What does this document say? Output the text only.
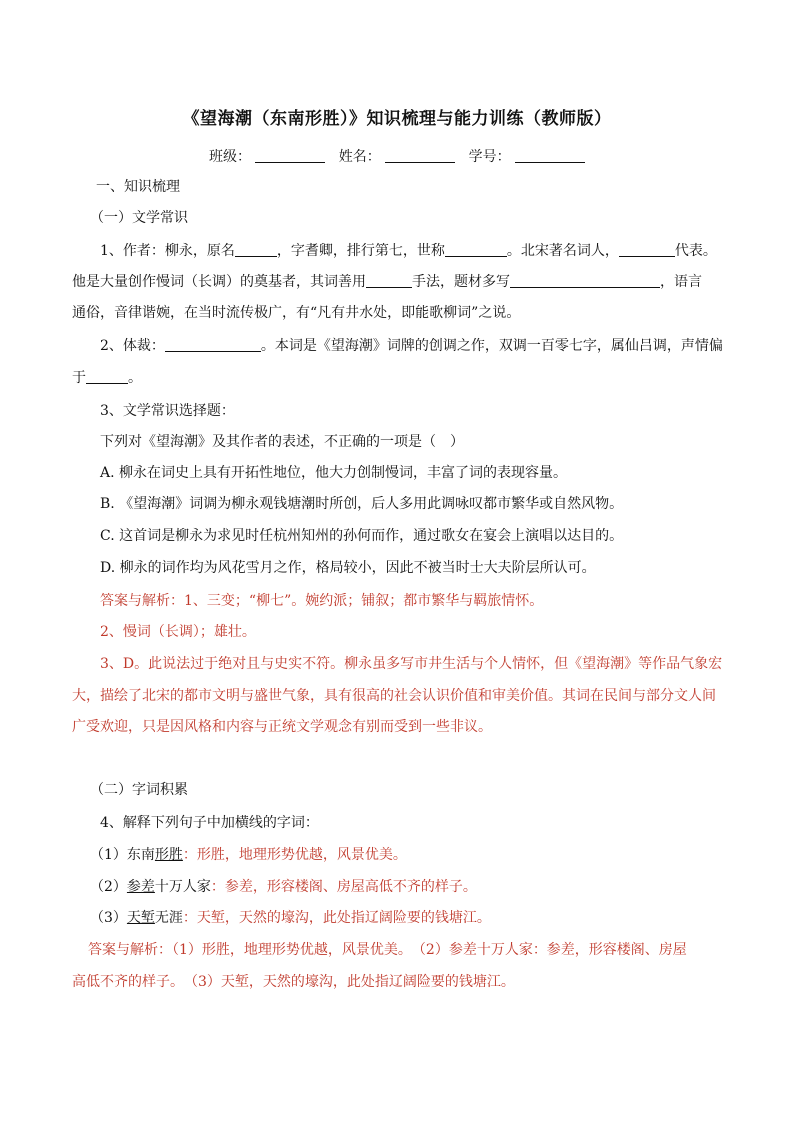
《望海潮（东南形胜）》知识梳理与能力训练（教师版）
班级：	姓名：	学号：
一、知识梳理
（一）文学常识
1、作者：柳永，原名	，字耆卿，排行第七，世称	。北宋著名词人，	代表。
他是大量创作慢词（长调）的奠基者，其词善用	手法，题材多写	，语言
通俗，音律谐婉，在当时流传极广，有“凡有井水处，即能歌柳词”之说。
2、体裁：	。本词是《望海潮》词牌的创调之作，双调一百零七字，属仙吕调，声情偏
于	。
3、文学常识选择题：
下列对《望海潮》及其作者的表述，不正确的一项是（　）
A. 柳永在词史上具有开拓性地位，他大力创制慢词，丰富了词的表现容量。
B. 《望海潮》词调为柳永观钱塘潮时所创，后人多用此调咏叹都市繁华或自然风物。
C. 这首词是柳永为求见时任杭州知州的孙何而作，通过歌女在宴会上演唱以达目的。
D. 柳永的词作均为风花雪月之作，格局较小，因此不被当时士大夫阶层所认可。
答案与解析：1、三变；“柳七”。婉约派；铺叙；都市繁华与羁旅情怀。
2、慢词（长调）；雄壮。
3、D。此说法过于绝对且与史实不符。柳永虽多写市井生活与个人情怀，但《望海潮》等作品气象宏
大，描绘了北宋的都市文明与盛世气象，具有很高的社会认识价值和审美价值。其词在民间与部分文人间
广受欢迎，只是因风格和内容与正统文学观念有别而受到一些非议。
（二）字词积累
4、解释下列句子中加横线的字词：
（1）东南形胜：形胜，地理形势优越，风景优美。
（2）参差十万人家：参差，形容楼阁、房屋高低不齐的样子。
（3）天堑无涯：天堑，天然的壕沟，此处指辽阔险要的钱塘江。
答案与解析：（1）形胜，地理形势优越，风景优美。　（2）参差十万人家：参差，形容楼阁、房屋
高低不齐的样子。　（3）天堑，天然的壕沟，此处指辽阔险要的钱塘江。
